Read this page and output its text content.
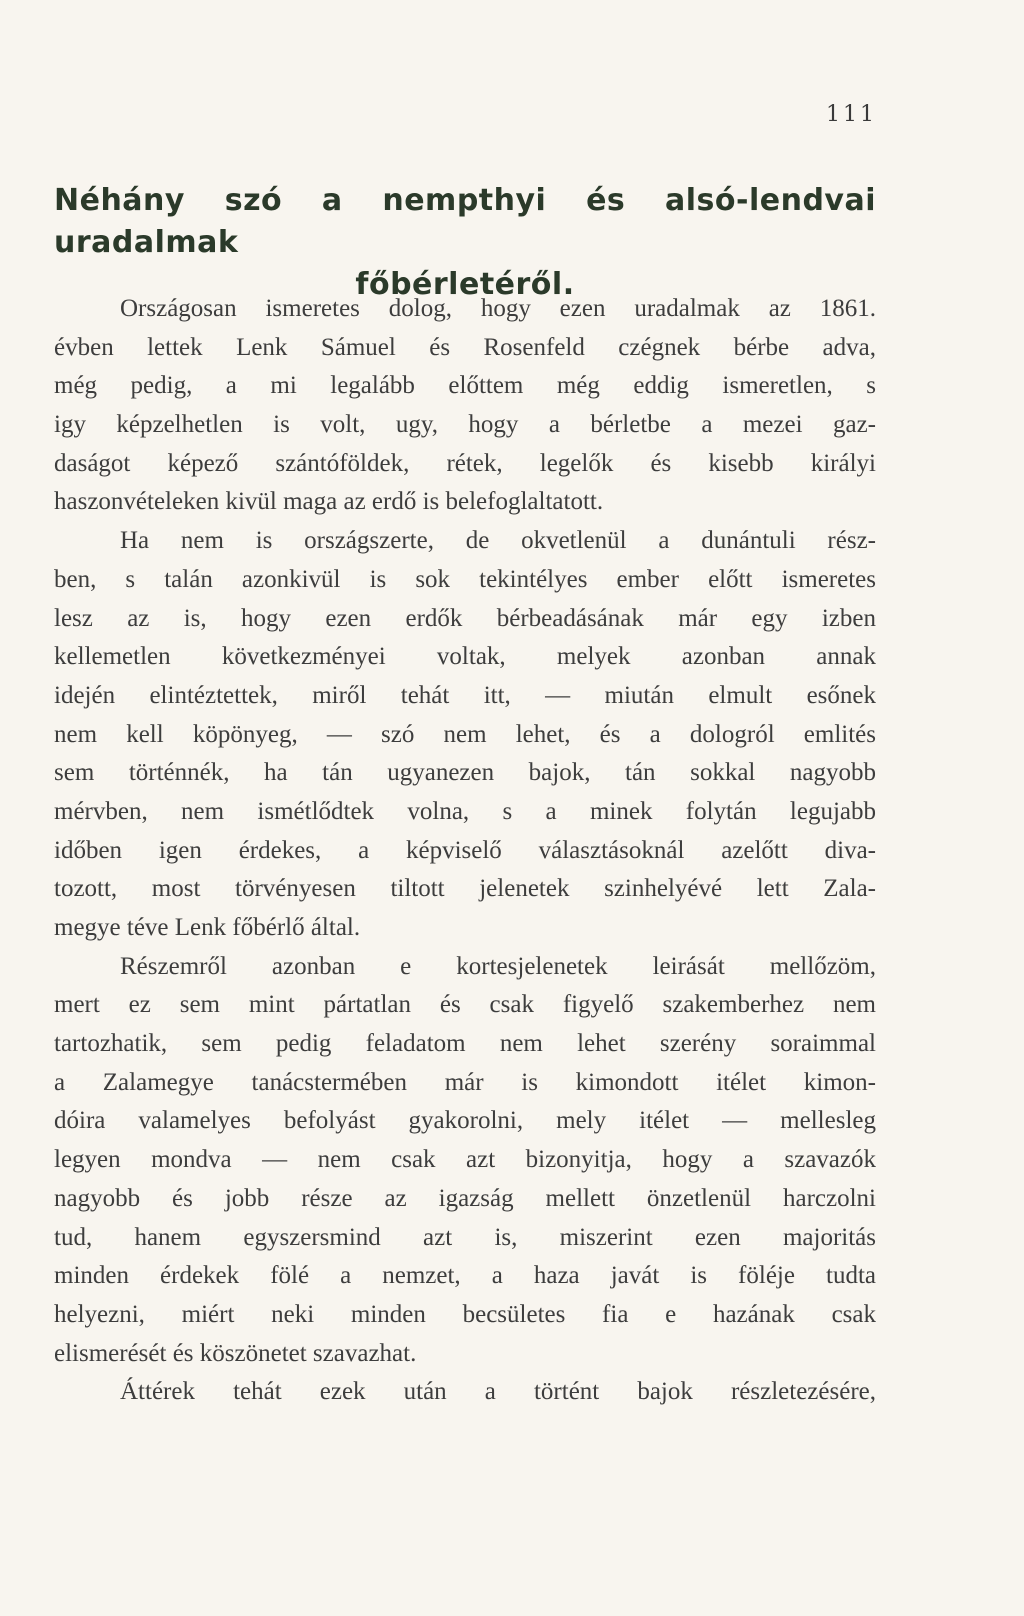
111
Néhány szó a nempthyi és alsó-lendvai uradalmak
főbérletéről.
Országosan ismeretes dolog, hogy ezen uradalmak az 1861.
évben lettek Lenk Sámuel és Rosenfeld czégnek bérbe adva,
még pedig, a mi legalább előttem még eddig ismeretlen, s
igy képzelhetlen is volt, ugy, hogy a bérletbe a mezei gaz-
daságot képező szántóföldek, rétek, legelők és kisebb királyi
haszonvételeken kivül maga az erdő is belefoglaltatott.
Ha nem is országszerte, de okvetlenül a dunántuli rész-
ben, s talán azonkivül is sok tekintélyes ember előtt ismeretes
lesz az is, hogy ezen erdők bérbeadásának már egy izben
kellemetlen következményei voltak, melyek azonban annak
idején elintéztettek, miről tehát itt, — miután elmult esőnek
nem kell köpönyeg, — szó nem lehet, és a dologról emlités
sem történnék, ha tán ugyanezen bajok, tán sokkal nagyobb
mérvben, nem ismétlődtek volna, s a minek folytán legujabb
időben igen érdekes, a képviselő választásoknál azelőtt diva-
tozott, most törvényesen tiltott jelenetek szinhelyévé lett Zala-
megye téve Lenk főbérlő által.
Részemről azonban e kortesjelenetek leirását mellőzöm,
mert ez sem mint pártatlan és csak figyelő szakemberhez nem
tartozhatik, sem pedig feladatom nem lehet szerény soraimmal
a Zalamegye tanácstermében már is kimondott itélet kimon-
dóira valamelyes befolyást gyakorolni, mely itélet — mellesleg
legyen mondva — nem csak azt bizonyitja, hogy a szavazók
nagyobb és jobb része az igazság mellett önzetlenül harczolni
tud, hanem egyszersmind azt is, miszerint ezen majoritás
minden érdekek fölé a nemzet, a haza javát is föléje tudta
helyezni, miért neki minden becsületes fia e hazának csak
elismerését és köszönetet szavazhat.
Áttérek tehát ezek után a történt bajok részletezésére,
